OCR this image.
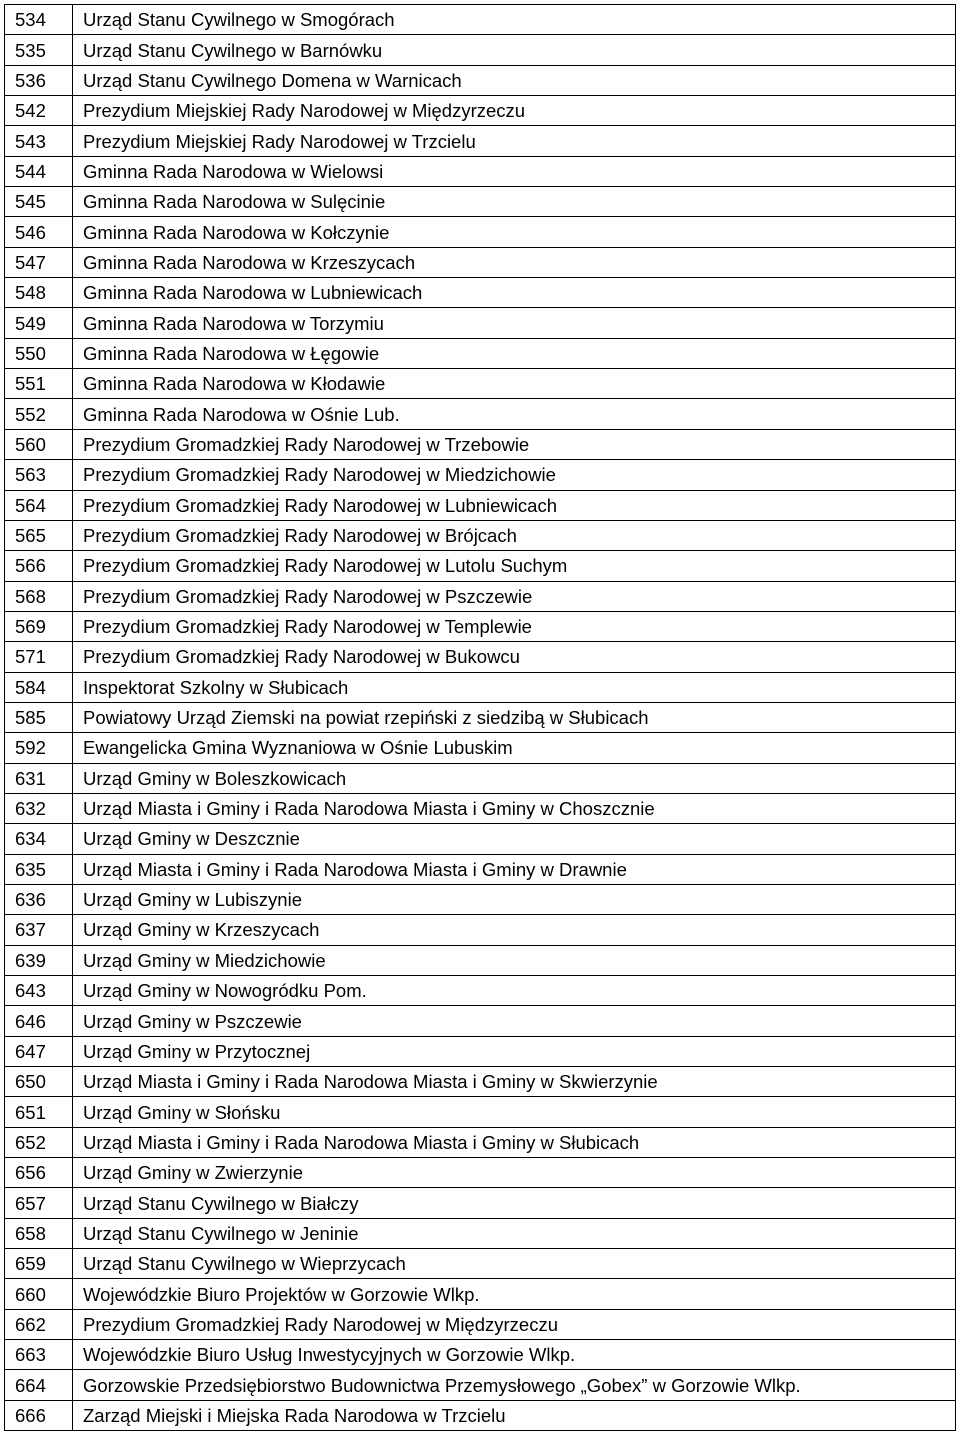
534	Urząd Stanu Cywilnego w Smogórach
535	Urząd Stanu Cywilnego w Barnówku
536	Urząd Stanu Cywilnego Domena w Warnicach
542	Prezydium Miejskiej Rady Narodowej w Międzyrzeczu
543	Prezydium Miejskiej Rady Narodowej w Trzcielu
544	Gminna Rada Narodowa w Wielowsi
545	Gminna Rada Narodowa w Sulęcinie
546	Gminna Rada Narodowa w Kołczynie
547	Gminna Rada Narodowa w Krzeszycach
548	Gminna Rada Narodowa w Lubniewicach
549	Gminna Rada Narodowa w Torzymiu
550	Gminna Rada Narodowa w Łęgowie
551	Gminna Rada Narodowa w Kłodawie
552	Gminna Rada Narodowa w Ośnie Lub.
560	Prezydium Gromadzkiej Rady Narodowej w Trzebowie
563	Prezydium Gromadzkiej Rady Narodowej w Miedzichowie
564	Prezydium Gromadzkiej Rady Narodowej w Lubniewicach
565	Prezydium Gromadzkiej Rady Narodowej w Brójcach
566	Prezydium Gromadzkiej Rady Narodowej w Lutolu Suchym
568	Prezydium Gromadzkiej Rady Narodowej w Pszczewie
569	Prezydium Gromadzkiej Rady Narodowej w Templewie
571	Prezydium Gromadzkiej Rady Narodowej w Bukowcu
584	Inspektorat Szkolny w Słubicach
585	Powiatowy Urząd Ziemski na powiat rzepiński z siedzibą w Słubicach
592	Ewangelicka Gmina Wyznaniowa w Ośnie Lubuskim
631	Urząd Gminy w Boleszkowicach
632	Urząd Miasta i Gminy i Rada Narodowa Miasta i Gminy w Choszcznie
634	Urząd Gminy w Deszcznie
635	Urząd Miasta i Gminy i Rada Narodowa Miasta i Gminy w Drawnie
636	Urząd Gminy w Lubiszynie
637	Urząd Gminy w Krzeszycach
639	Urząd Gminy w Miedzichowie
643	Urząd Gminy w Nowogródku Pom.
646	Urząd Gminy w Pszczewie
647	Urząd Gminy w Przytocznej
650	Urząd Miasta i Gminy i Rada Narodowa Miasta i Gminy w Skwierzynie
651	Urząd Gminy w Słońsku
652	Urząd Miasta i Gminy i Rada Narodowa Miasta i Gminy w Słubicach
656	Urząd Gminy w Zwierzynie
657	Urząd Stanu Cywilnego w Białczy
658	Urząd Stanu Cywilnego w Jeninie
659	Urząd Stanu Cywilnego w Wieprzycach
660	Wojewódzkie Biuro Projektów w Gorzowie Wlkp.
662	Prezydium Gromadzkiej Rady Narodowej w Międzyrzeczu
663	Wojewódzkie Biuro Usług Inwestycyjnych w Gorzowie Wlkp.
664	Gorzowskie Przedsiębiorstwo Budownictwa Przemysłowego „Gobex” w Gorzowie Wlkp.
666	Zarząd Miejski i Miejska Rada Narodowa w Trzcielu
